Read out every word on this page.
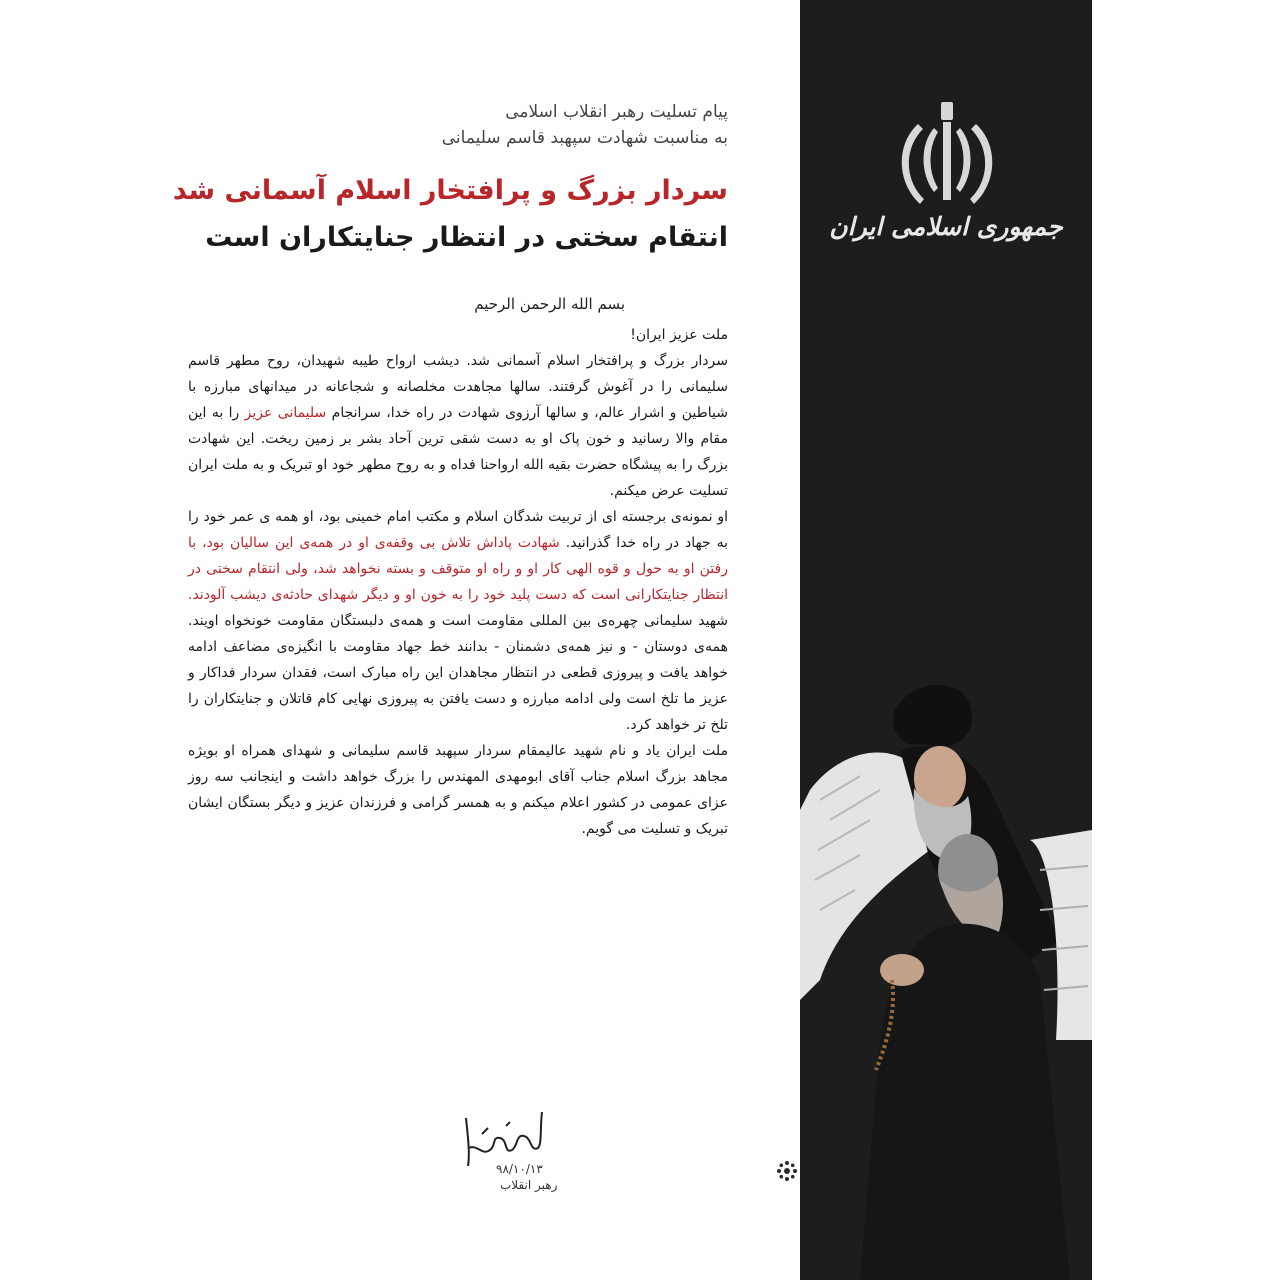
پیام تسلیت رهبر انقلاب اسلامی
به مناسبت شهادت سپهبد قاسم سلیمانی
سردار بزرگ و پرافتخار اسلام آسمانی شد
انتقام سختی در انتظار جنایتکاران است
بسم الله الرحمن الرحیم

ملت عزیز ایران!

سردار بزرگ و پرافتخار اسلام آسمانی شد. دیشب ارواح طیبه شهیدان، روح مطهر قاسم سلیمانی را در آغوش گرفتند. سالها مجاهدت مخلصانه و شجاعانه در میدانهای مبارزه با شیاطین و اشرار عالم، و سالها آرزوی شهادت در راه خدا، سرانجام سلیمانی عزیز را به این مقام والا رسانید و خون پاک او به دست شقی ترین آحاد بشر بر زمین ریخت. این شهادت بزرگ را به پیشگاه حضرت بقیه الله ارواحنا فداه و به روح مطهر خود او تبریک و به ملت ایران تسلیت عرض میکنم.

او نمونه‌ی برجسته ای از تربیت شدگان اسلام و مکتب امام خمینی بود، او همه ی عمر خود را به جهاد در راه خدا گذرانید. شهادت پاداش تلاش بی وقفه‌ی او در همه‌ی این سالیان بود، با رفتن او به حول و قوه الهی کار او و راه او متوقف و بسته نخواهد شد، ولی انتقام سختی در انتظار جنایتکارانی است که دست پلید خود را به خون او و دیگر شهدای حادثه‌ی دیشب آلودند. شهید سلیمانی چهره‌ی بین المللی مقاومت است و همه‌ی دلبستگان مقاومت خونخواه اویند. همه‌ی دوستان - و نیز همه‌ی دشمنان - بدانند خط جهاد مقاومت با انگیزه‌ی مضاعف ادامه خواهد یافت و پیروزی قطعی در انتظار مجاهدان این راه مبارک است، فقدان سردار فداکار و عزیز ما تلخ است ولی ادامه مبارزه و دست یافتن به پیروزی نهایی کام قاتلان و جنایتکاران را تلخ تر خواهد کرد.

ملت ایران یاد و نام شهید عالیمقام سردار سپهبد قاسم سلیمانی و شهدای همراه او بویژه مجاهد بزرگ اسلام جناب آقای ابومهدی المهندس را بزرگ خواهد داشت و اینجانب سه روز عزای عمومی در کشور اعلام میکنم و به همسر گرامی و فرزندان عزیز و دیگر بستگان ایشان تبریک و تسلیت می گویم.

۹۸/۱۰/۱۳
رهبر انقلاب
جمهوری اسلامی ایران
